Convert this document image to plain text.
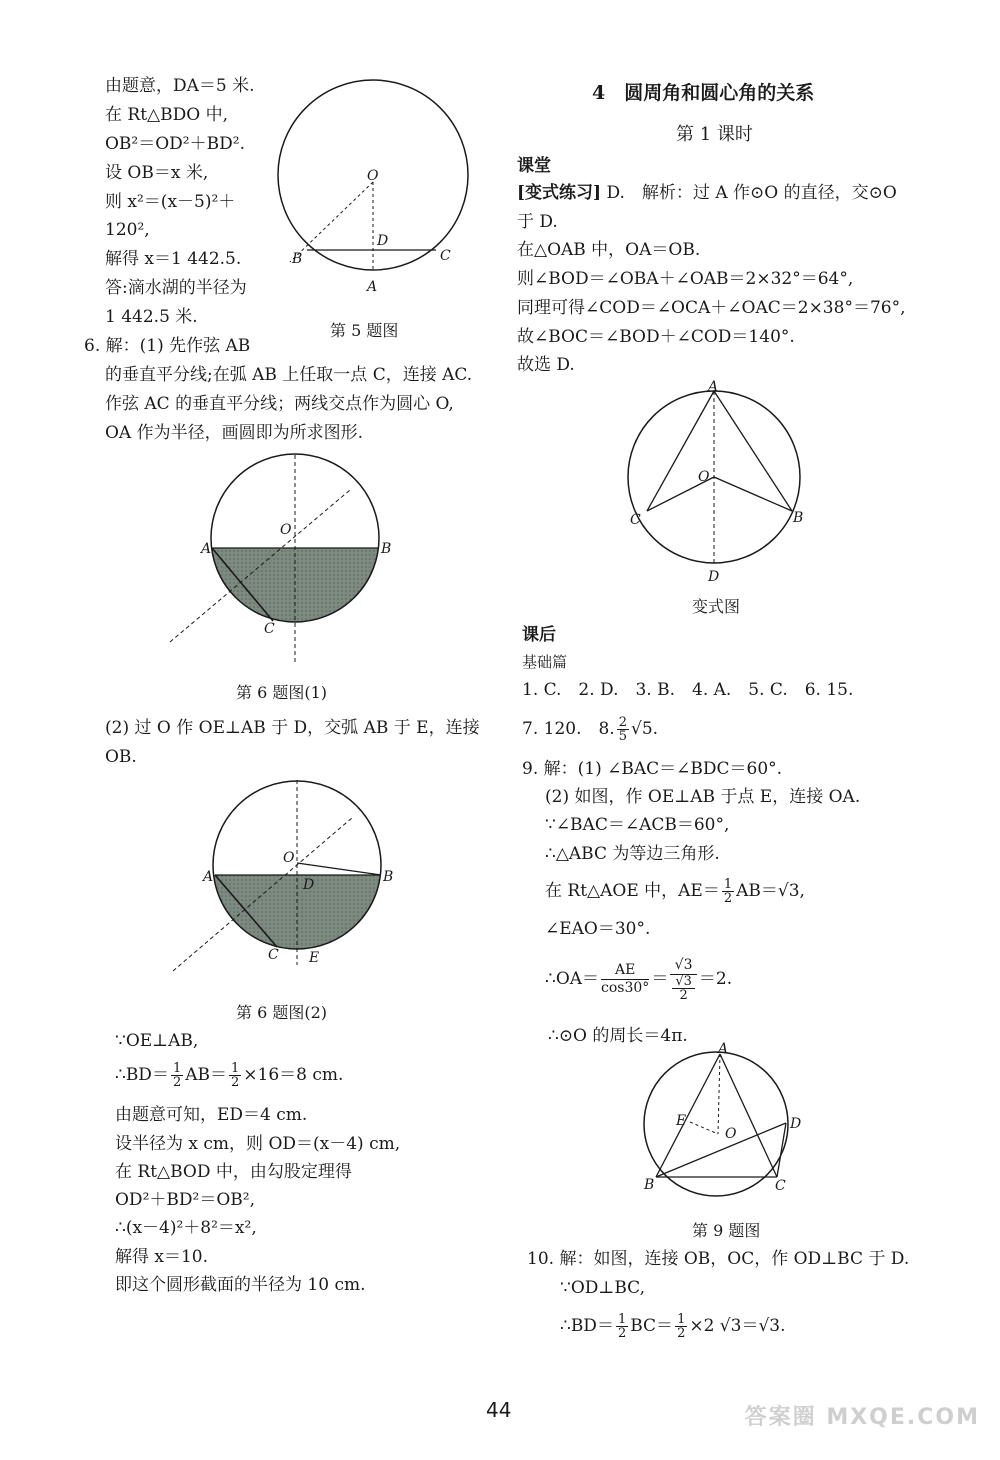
由题意，DA＝5 米.
在 Rt△BDO 中,
OB²＝OD²＋BD².
设 OB＝x 米,
则 x²＝(x－5)²＋
120²,
解得 x＝1 442.5.
答:滴水湖的半径为
1 442.5 米.
O
B
D
C
A
第 5 题图
6. 解：(1) 先作弦 AB
的垂直平分线;在弧 AB 上任取一点 C，连接 AC.
作弦 AC 的垂直平分线；两线交点作为圆心 O,
OA 作为半径，画圆即为所求图形.
O
A	B
C
第 6 题图(1)
(2) 过 O 作 OE⊥AB 于 D，交弧 AB 于 E，连接
OB.
O
A	B
D
C E
第 6 题图(2)
∵OE⊥AB,
∴BD＝ $\frac{1}{2} AB= \frac{1}{2} \times 16=8$ cm.
由题意可知，ED＝4 cm.
设半径为 x cm，则 OD＝(x－4) cm,
在 Rt△BOD 中，由勾股定理得
OD²＋BD²＝OB²,
∴(x－4)²＋8²＝x²,
解得 x＝10.
即这个圆形截面的半径为 10 cm.
4　圆周角和圆心角的关系
第 1 课时
课堂
[变式练习] D.　解析：过 A 作⊙O 的直径，交⊙O
于 D.
在△OAB 中，OA＝OB.
则∠BOD＝∠OBA＋∠OAB＝2×32°＝64°,
同理可得∠COD＝∠OCA＋∠OAC＝2×38°＝76°,
故∠BOC＝∠BOD＋∠COD＝140°.
故选 D.
A
O
C	B
D
变式图
课后
基础篇
1. C.　2. D.　3. B.　4. A.　5. C.　6. 15.
7. 120.　8. $\frac{2}{5} √5$.
9. 解：(1) ∠BAC＝∠BDC＝60°.
(2) 如图，作 OE⊥AB 于点 E，连接 OA.
∵∠BAC＝∠ACB＝60°,
∴△ABC 为等边三角形.
在 Rt△AOE 中，$AE= \frac{1}{2} AB=√3$,
∠EAO＝30°.
∴OA＝ $\frac{AE}{\cos 30^\circ} = √3$
√3
2 ＝2.
∴⊙O 的周长＝4π.
A
E
O
D
B	C
第 9 题图
10. 解：如图，连接 OB，OC，作 OD⊥BC 于 D.
∵OD⊥BC,
∴BD＝ $\frac{1}{2} BC= \frac{1}{2} \times 2$ √3＝√3.
44	答案圈 MXQE.COM
